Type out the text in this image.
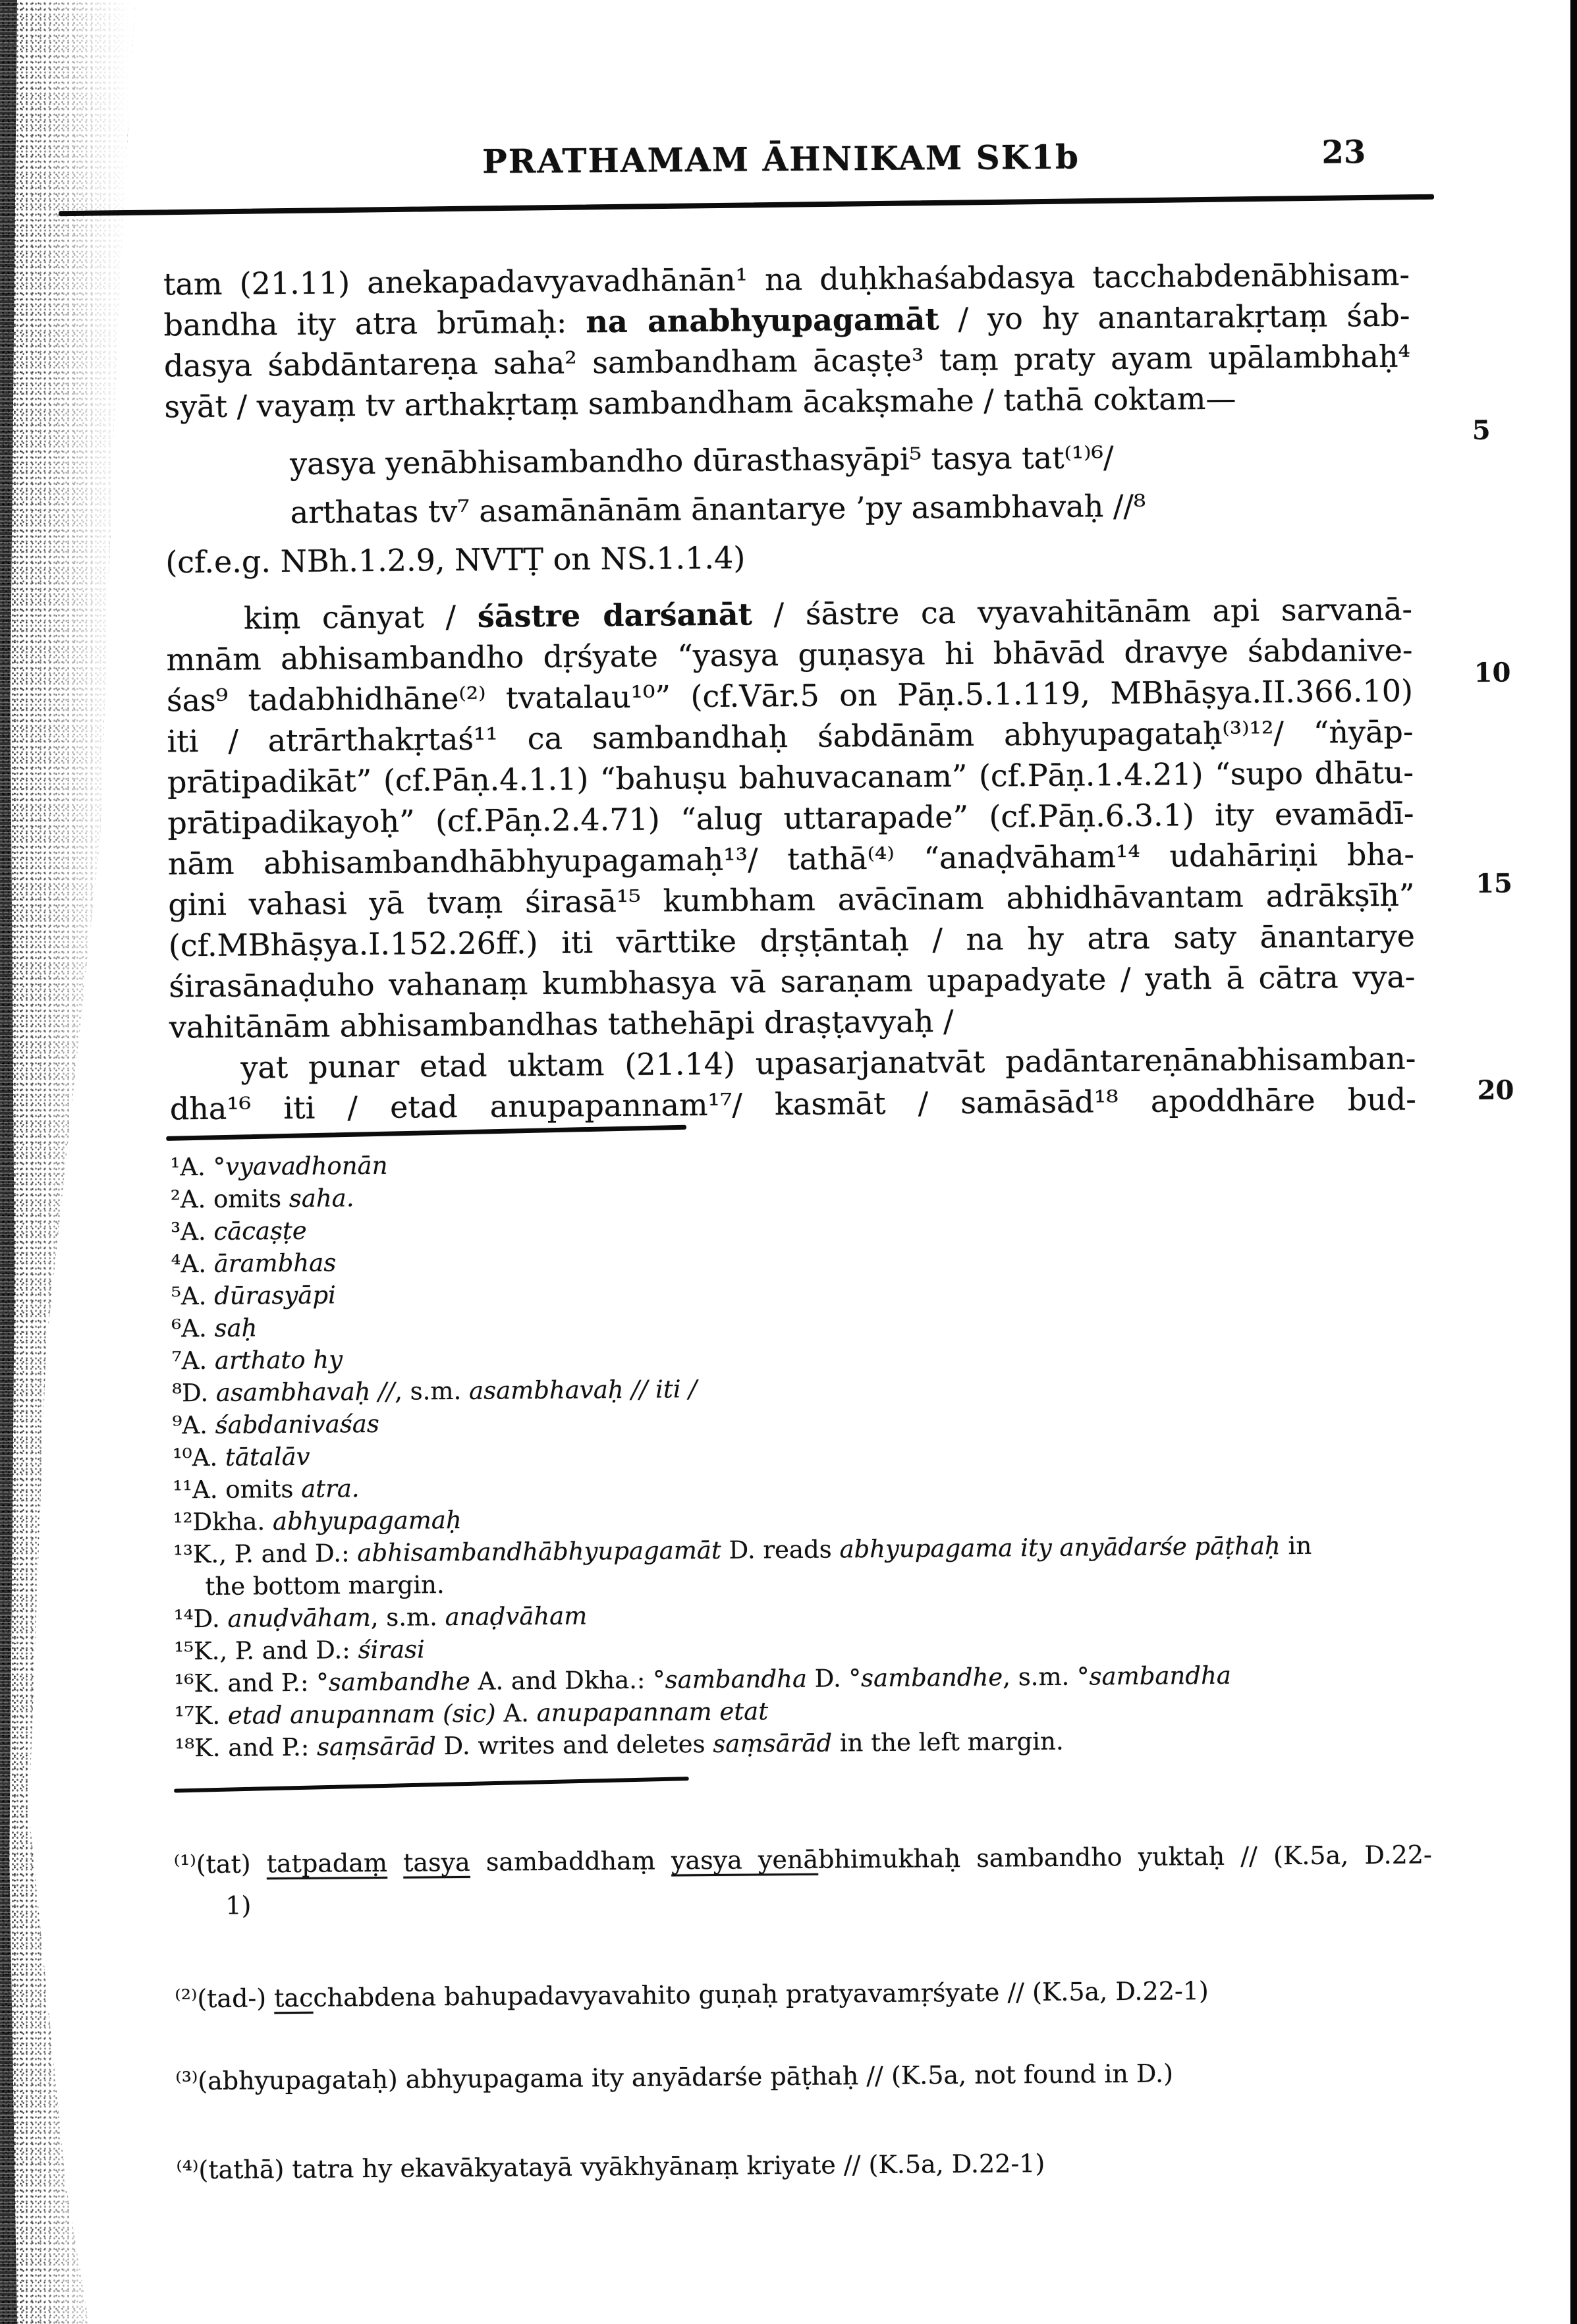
PRATHAMAM ĀHNIKAM SK1b	23
tam (21.11) anekapadavyavadhānān¹ na duḥkhaśabdasya tacchabdenābhisam-
bandha ity atra brūmaḥ: na anabhyupagamāt / yo hy anantarakṛtaṃ śab-
dasya śabdāntareṇa saha² sambandham ācaṣṭe³ taṃ praty ayam upālambhaḥ⁴
syāt / vayaṃ tv arthakṛtaṃ sambandham ācakṣmahe / tathā coktam—
yasya yenābhisambandho dūrasthasyāpi⁵ tasya tat⁽¹⁾⁶/
arthatas tv⁷ asamānānām ānantarye ’py asambhavaḥ //⁸
(cf.e.g. NBh.1.2.9, NVTṬ on NS.1.1.4)
kiṃ cānyat / śāstre darśanāt / śāstre ca vyavahitānām api sarvanā-
mnām abhisambandho dṛśyate “yasya guṇasya hi bhāvād dravye śabdanive-
śas⁹ tadabhidhāne⁽²⁾ tvatalau¹⁰” (cf.Vār.5 on Pāṇ.5.1.119, MBhāṣya.II.366.10)
iti / atrārthakṛtaś¹¹ ca sambandhaḥ śabdānām abhyupagataḥ⁽³⁾¹²/ “ṅyāp-
prātipadikāt” (cf.Pāṇ.4.1.1) “bahuṣu bahuvacanam” (cf.Pāṇ.1.4.21) “supo dhātu-
prātipadikayoḥ” (cf.Pāṇ.2.4.71) “alug uttarapade” (cf.Pāṇ.6.3.1) ity evamādī-
nām abhisambandhābhyupagamaḥ¹³/ tathā⁽⁴⁾ “anaḍvāham¹⁴ udahāriṇi bha-
gini vahasi yā tvaṃ śirasā¹⁵ kumbham avācīnam abhidhāvantam adrākṣīḥ”
(cf.MBhāṣya.I.152.26ff.) iti vārttike dṛṣṭāntaḥ / na hy atra saty ānantarye
śirasānaḍuho vahanaṃ kumbhasya vā saraṇam upapadyate / yath ā cātra vya-
vahitānām abhisambandhas tathehāpi draṣṭavyaḥ /
yat punar etad uktam (21.14) upasarjanatvāt padāntareṇānabhisamban-
dha¹⁶ iti / etad anupapannam¹⁷/ kasmāt / samāsād¹⁸ apoddhāre bud-
5
10
15
20
¹A. °vyavadhonān
²A. omits saha.
³A. cācaṣṭe
⁴A. ārambhas
⁵A. dūrasyāpi
⁶A. saḥ
⁷A. arthato hy
⁸D. asambhavaḥ //, s.m. asambhavaḥ // iti /
⁹A. śabdanivaśas
¹⁰A. tātalāv
¹¹A. omits atra.
¹²Dkha. abhyupagamaḥ
¹³K., P. and D.: abhisambandhābhyupagamāt D. reads abhyupagama ity anyādarśe pāṭhaḥ in
the bottom margin.
¹⁴D. anuḍvāham, s.m. anaḍvāham
¹⁵K., P. and D.: śirasi
¹⁶K. and P.: °sambandhe A. and Dkha.: °sambandha D. °sambandhe, s.m. °sambandha
¹⁷K. etad anupannam (sic) A. anupapannam etat
¹⁸K. and P.: saṃsārād D. writes and deletes saṃsārād in the left margin.
⁽¹⁾(tat) tatpadaṃ tasya sambaddhaṃ yasya yenābhimukhaḥ sambandho yuktaḥ // (K.5a, D.22-
1)
⁽²⁾(tad-) tacchabdena bahupadavyavahito guṇaḥ pratyavamṛśyate // (K.5a, D.22-1)
⁽³⁾(abhyupagataḥ) abhyupagama ity anyādarśe pāṭhaḥ // (K.5a, not found in D.)
⁽⁴⁾(tathā) tatra hy ekavākyatayā vyākhyānaṃ kriyate // (K.5a, D.22-1)
